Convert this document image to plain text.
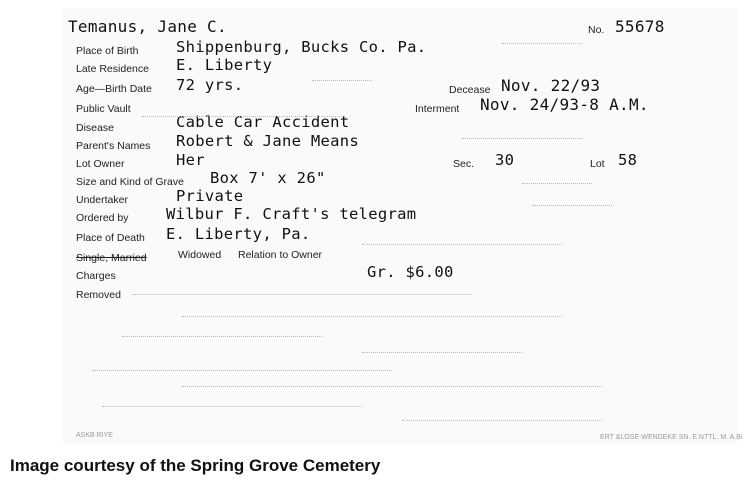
Temanus, Jane C.	No. 55678
Place of Birth Shippenburg, Bucks Co. Pa.
Late Residence E. Liberty
Age—Birth Date 72 yrs.	Decease Nov. 22/93
Public Vault	Interment Nov. 24/93-8 A.M.
Disease	Cable Car Accident
Parent's Names Robert & Jane Means
Lot Owner	Her	Sec. 30	Lot 58
Size and Kind of Grave Box 7' x 26"
Undertaker	Private
Ordered by Wilbur F. Craft's telegram
Place of Death E. Liberty, Pa.
Single, Married	Widowed Relation to Owner
Charges	Gr. $6.00
Removed
ASKB RIYE	ERT &LOSE-WENDEKE SN. E.NTTL. M. A.Bi
Image courtesy of the Spring Grove Cemetery
